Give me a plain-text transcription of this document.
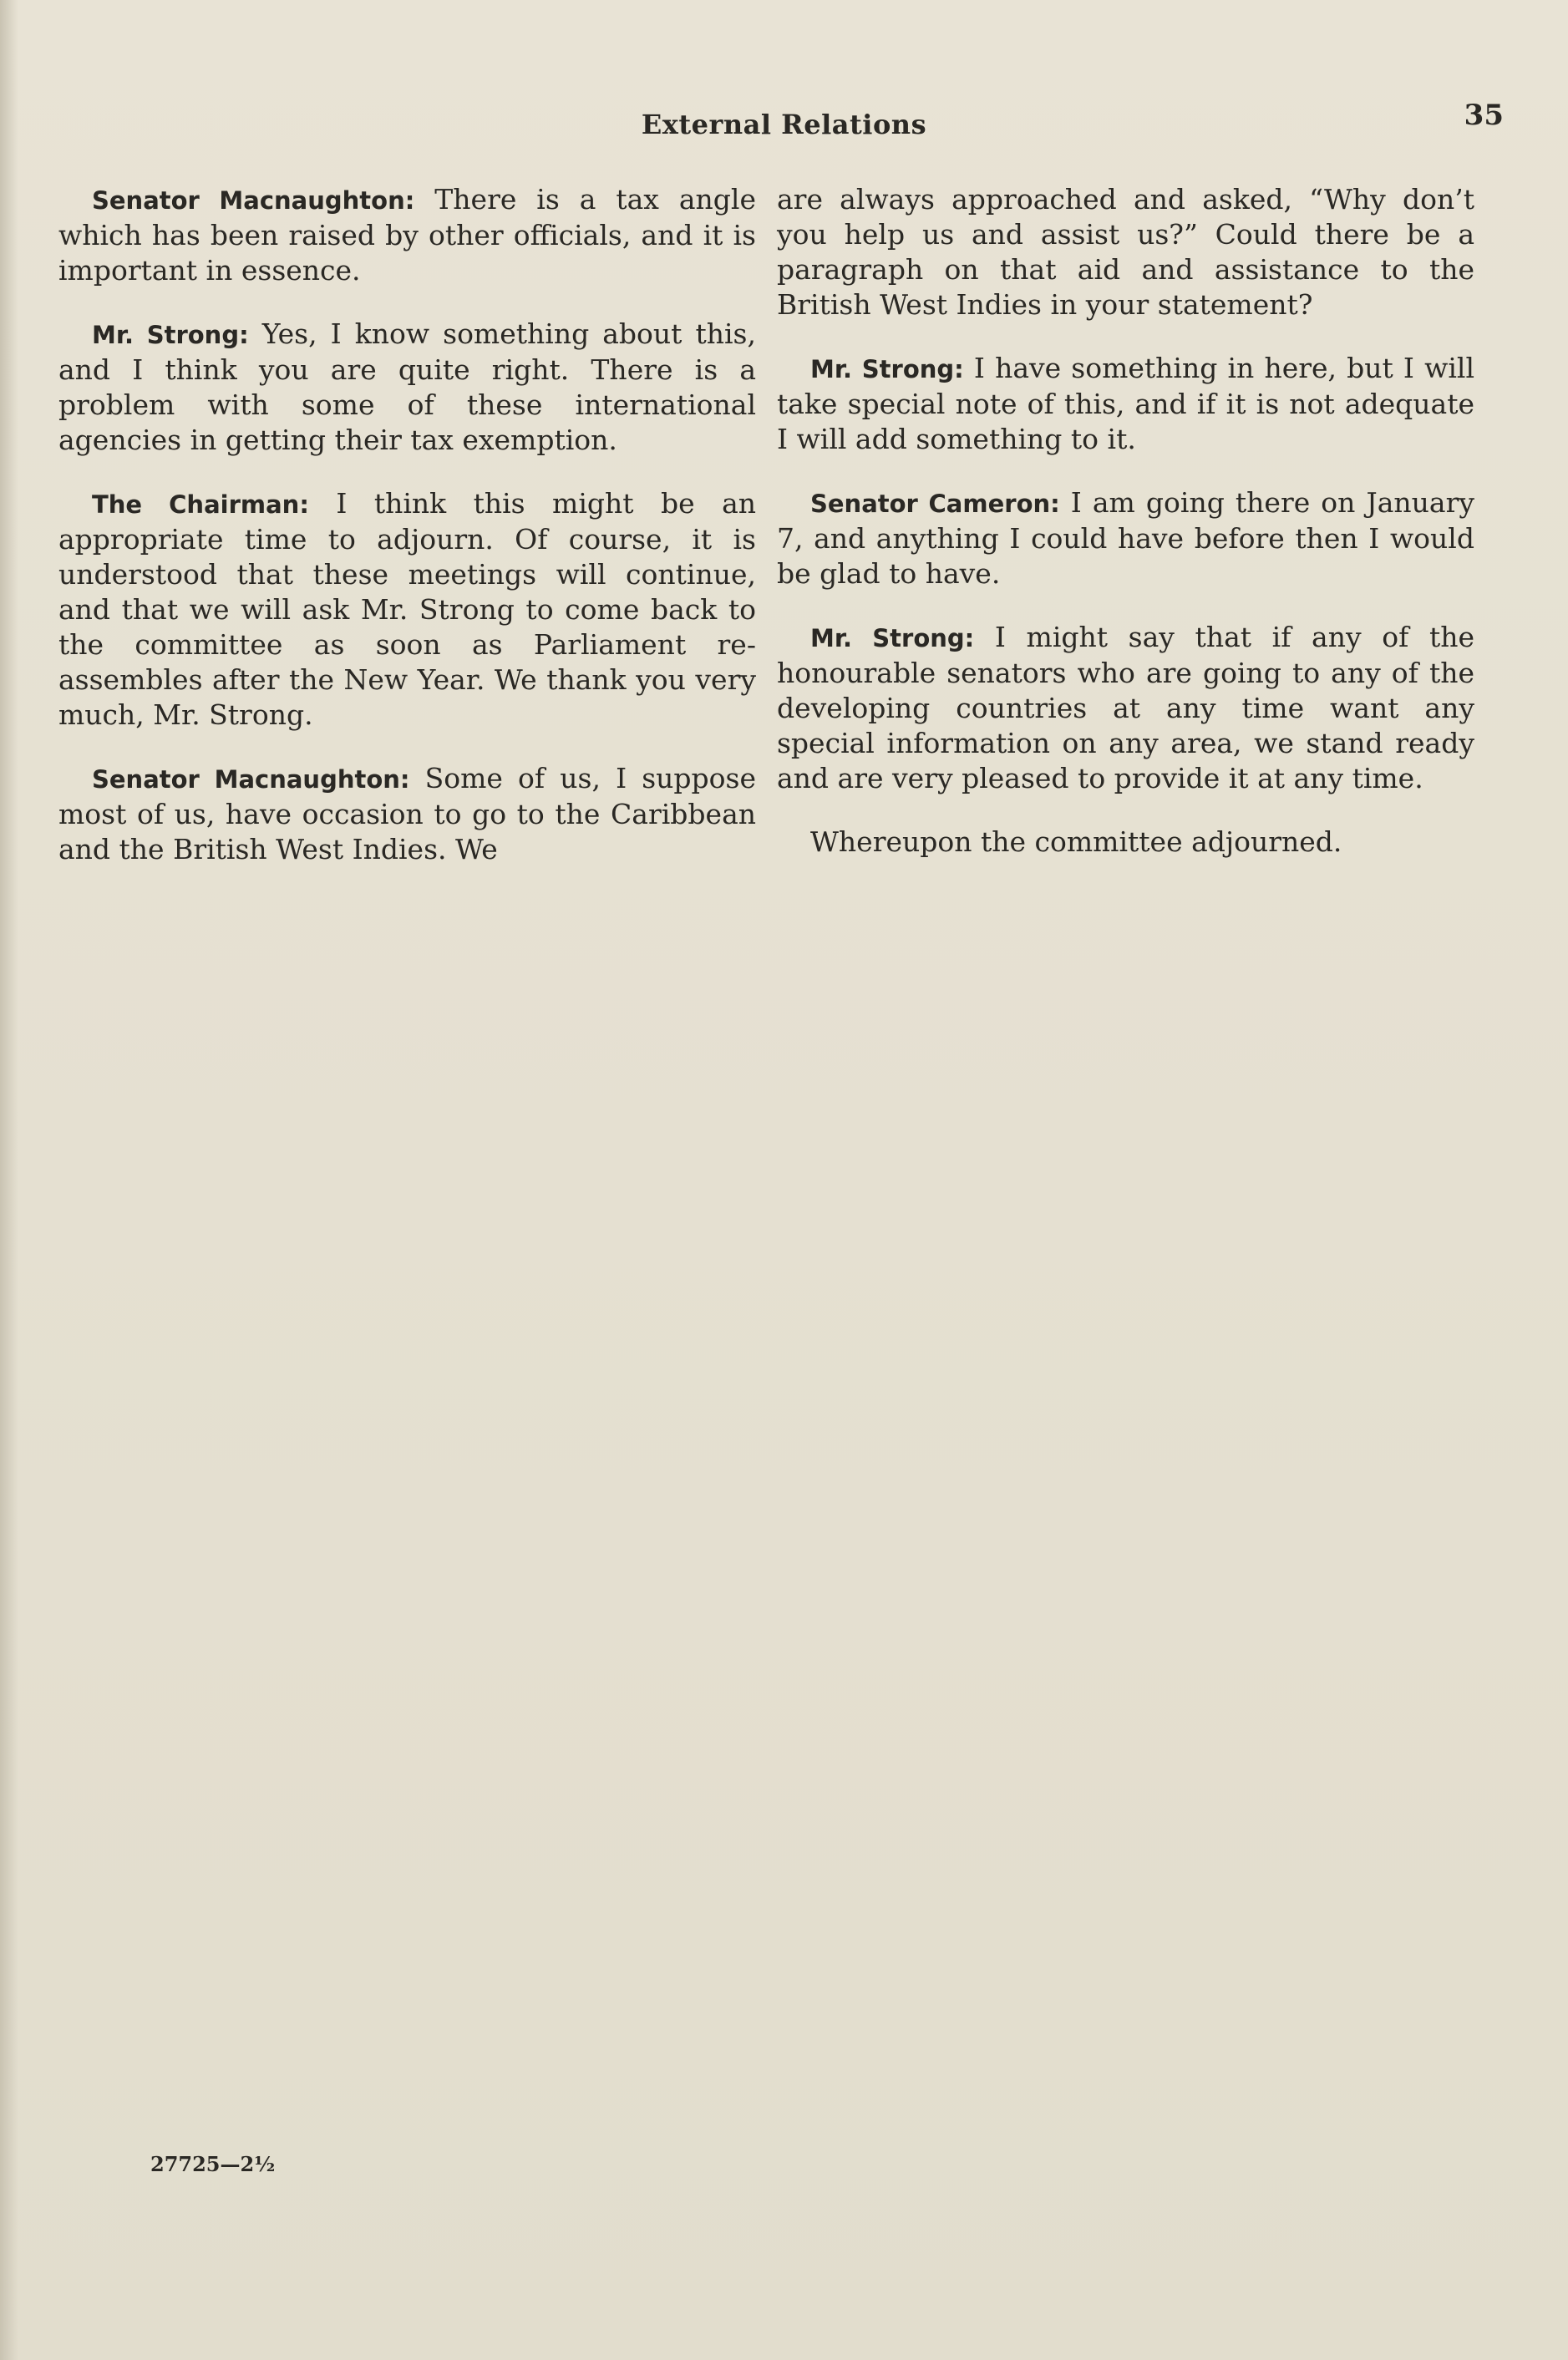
External Relations	35

Senator Macnaughton: There is a tax angle which has been raised by other officials, and it is important in essence.

Mr. Strong: Yes, I know something about this, and I think you are quite right. There is a problem with some of these international agencies in getting their tax exemption.

The Chairman: I think this might be an appropriate time to adjourn. Of course, it is understood that these meetings will continue, and that we will ask Mr. Strong to come back to the committee as soon as Parliament re-assembles after the New Year. We thank you very much, Mr. Strong.

Senator Macnaughton: Some of us, I suppose most of us, have occasion to go to the Caribbean and the British West Indies. We

are always approached and asked, “Why don’t you help us and assist us?” Could there be a paragraph on that aid and assistance to the British West Indies in your statement?

Mr. Strong: I have something in here, but I will take special note of this, and if it is not adequate I will add something to it.

Senator Cameron: I am going there on January 7, and anything I could have before then I would be glad to have.

Mr. Strong: I might say that if any of the honourable senators who are going to any of the developing countries at any time want any special information on any area, we stand ready and are very pleased to provide it at any time.

Whereupon the committee adjourned.

27725—2½
